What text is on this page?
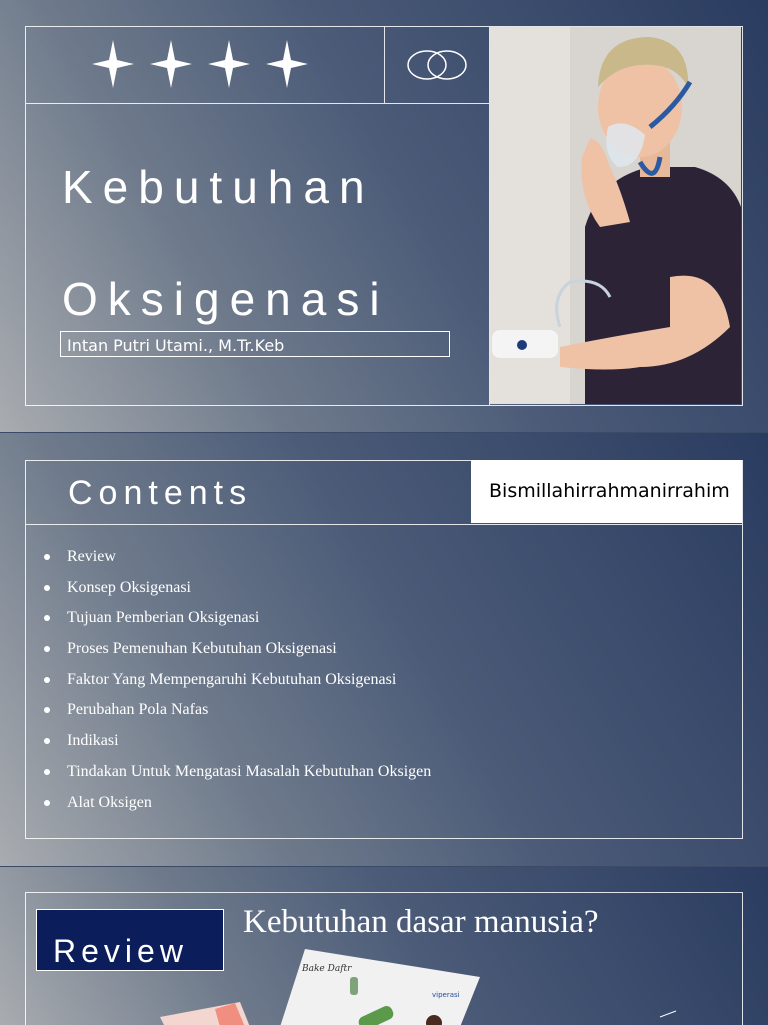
Kebutuhan
Oksigenasi
Intan Putri Utami., M.Tr.Keb
Contents	Bismillahirrahmanirrahim
Review
Konsep Oksigenasi
Tujuan Pemberian Oksigenasi
Proses Pemenuhan Kebutuhan Oksigenasi
Faktor Yang Mempengaruhi Kebutuhan Oksigenasi
Perubahan Pola Nafas
Indikasi
Tindakan Untuk Mengatasi Masalah Kebutuhan Oksigen
Alat Oksigen
Bake Daftr
viperasi
Review
Kebutuhan dasar manusia?
